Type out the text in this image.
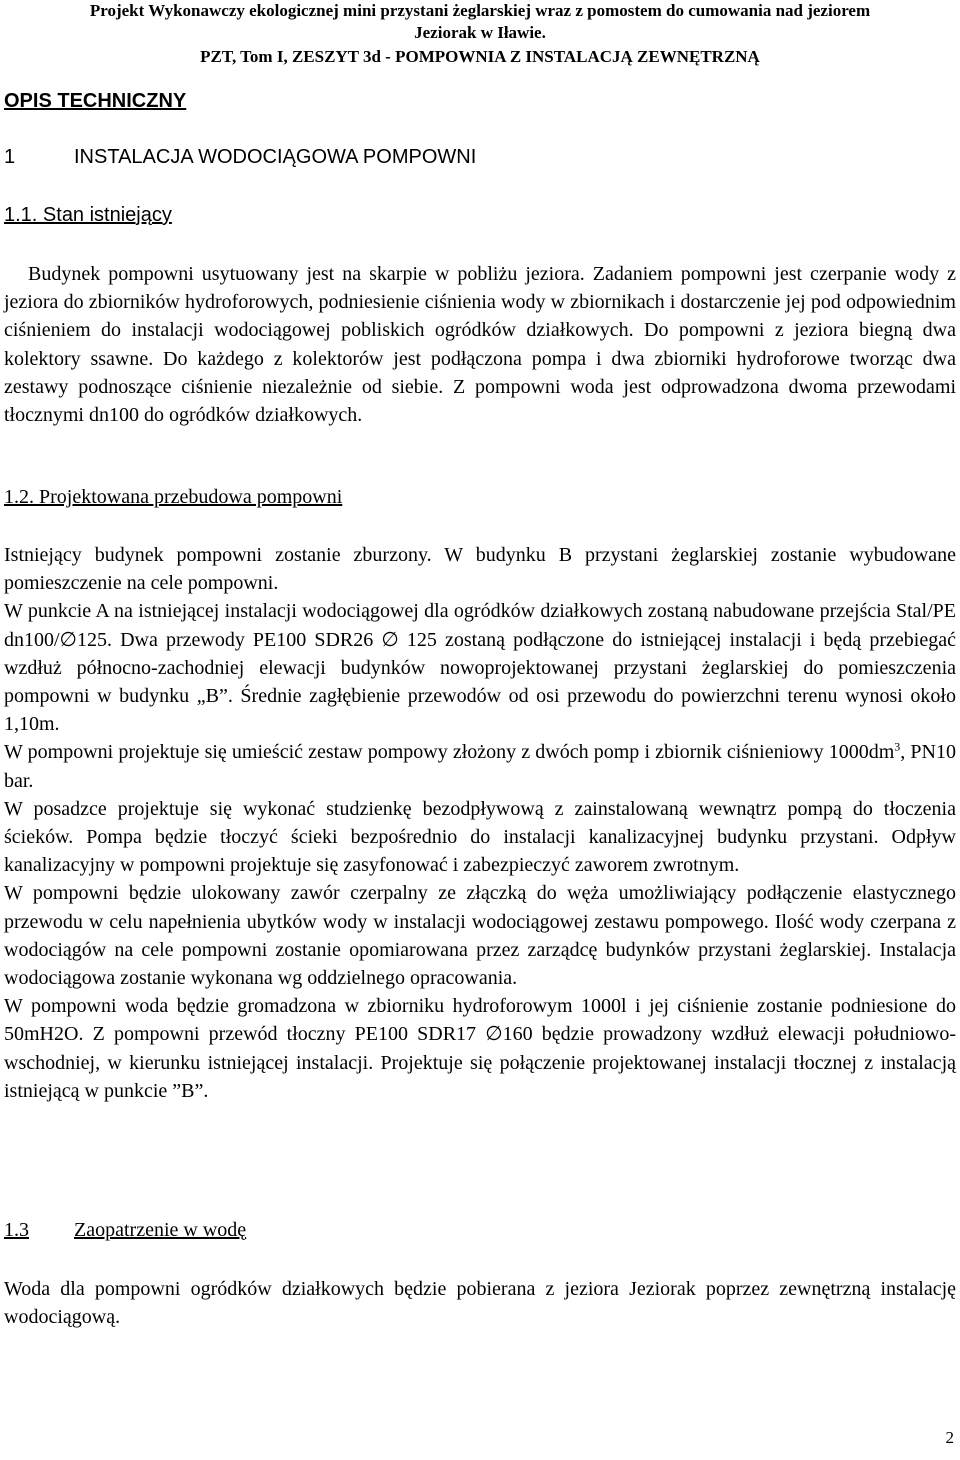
Projekt Wykonawczy ekologicznej mini przystani żeglarskiej wraz z pomostem do cumowania nad jeziorem
Jeziorak w Iławie.
PZT, Tom I, ZESZYT 3d - POMPOWNIA Z INSTALACJĄ ZEWNĘTRZNĄ
OPIS TECHNICZNY
1	INSTALACJA WODOCIĄGOWA POMPOWNI
1.1. Stan istniejący

Budynek pompowni usytuowany jest na skarpie w pobliżu jeziora. Zadaniem pompowni jest czerpanie wody z jeziora do zbiorników hydroforowych, podniesienie ciśnienia wody w zbiornikach i dostarczenie jej pod odpowiednim ciśnieniem do instalacji wodociągowej pobliskich ogródków działkowych. Do pompowni z jeziora biegną dwa kolektory ssawne. Do każdego z kolektorów jest podłączona pompa i dwa zbiorniki hydroforowe tworząc dwa zestawy podnoszące ciśnienie niezależnie od siebie. Z pompowni woda jest odprowadzona dwoma przewodami tłocznymi dn100 do ogródków działkowych.

1.2. Projektowana przebudowa pompowni

Istniejący budynek pompowni zostanie zburzony. W budynku B przystani żeglarskiej zostanie wybudowane pomieszczenie na cele pompowni.

W punkcie A na istniejącej instalacji wodociągowej dla ogródków działkowych zostaną nabudowane przejścia Stal/PE dn100/∅125. Dwa przewody PE100 SDR26 ∅ 125 zostaną podłączone do istniejącej instalacji i będą przebiegać wzdłuż północno-zachodniej elewacji budynków nowoprojektowanej przystani żeglarskiej do pomieszczenia pompowni w budynku „B”. Średnie zagłębienie przewodów od osi przewodu do powierzchni terenu wynosi około 1,10m.

W pompowni projektuje się umieścić zestaw pompowy złożony z dwóch pomp i zbiornik ciśnieniowy $1000dm^3$, PN10 bar.

W posadzce projektuje się wykonać studzienkę bezodpływową z zainstalowaną wewnątrz pompą do tłoczenia ścieków. Pompa będzie tłoczyć ścieki bezpośrednio do instalacji kanalizacyjnej budynku przystani. Odpływ kanalizacyjny w pompowni projektuje się zasyfonować i zabezpieczyć zaworem zwrotnym.

W pompowni będzie ulokowany zawór czerpalny ze złączką do węża umożliwiający podłączenie elastycznego przewodu w celu napełnienia ubytków wody w instalacji wodociągowej zestawu pompowego. Ilość wody czerpana z wodociągów na cele pompowni zostanie opomiarowana przez zarządcę budynków przystani żeglarskiej. Instalacja wodociągowa zostanie wykonana wg oddzielnego opracowania.

W pompowni woda będzie gromadzona w zbiorniku hydroforowym 1000l i jej ciśnienie zostanie podniesione do 50mH2O. Z pompowni przewód tłoczny PE100 SDR17 ∅160 będzie prowadzony wzdłuż elewacji południowo-wschodniej, w kierunku istniejącej instalacji. Projektuje się połączenie projektowanej instalacji tłocznej z instalacją istniejącą w punkcie ”B”.

1.3 Zaopatrzenie w wodę

Woda dla pompowni ogródków działkowych będzie pobierana z jeziora Jeziorak poprzez zewnętrzną instalację wodociągową.

2
